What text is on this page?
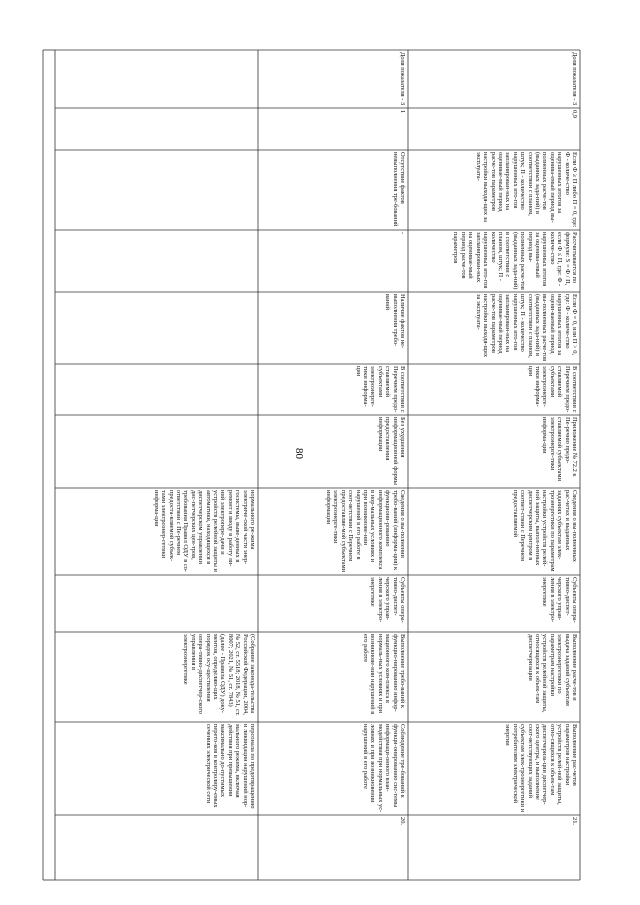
80
персонала по предотвращению и ликвидации нарушений нор-мального режима, включая действия при превышении максимально до-пустимых перето-ков в контролиру-емых сечениях электрической сети
(Собрание законода-тельства Российской Федерации, 2004, № 52, ст. 5518; 2018, № 51, ст. 8007; 2021, № 51, ст. 7843) (далее - Правила ОДУ) доку-ментов, определяю-щих порядок осу-ществления опера-тивно-диспетчер-ского управления в электроэнергетике
нормального ре-жима электриче-ской части энер-госистемы, выве-денных в ремонт и вводу в работу ли-ний электропере-дачи и устройств релейной защиты и автоматики, находящихся в диспетчерском управлении дис-петчерских цен-тров, требования Правил ОДУ в со-ответствии с Пе-речнем предоста-вляемой субъек-тами электроэнер-гетики информа-ции
20.
Соблюдение тре-бований к функци-онированию сис-темы информаци-онного взаи-модействия при нормальных ус-ловиях и при возникновении нарушений в его работе
Выполнение требо-ваний к функцио-нированию инфор-мационного ком-плекса в нормаль-ных условиях и при возникнове-нии нарушений в его работе
Субъекты опера-тивно-диспет-черского управ-ления в электро-энергетике
Сведения о вы-полнении требо-ваний (информа-ция) к функциони-рованию информационного комплекса в нор-мальных условиях и при возникнове-нии нарушений в его работе в соот-ветствии с Перечнем предоставляе-мой субъектами электроэнерге-тики информации
Без ухудшения информационной формы предоставления информации
В соответствии с Перечнем предо-ставляемой субъектами электроэнерге-тики информа-ции
Наличие фактов не-выполнения требо-ваний
-
Отсутствие фактов невыполнения тре-бований
1
Доля показателя - 3
21.
Выполнение рас-четов параметров настройки устройств релей-ной защиты, отно-сящихся к объек-там диспетчериза-ции диспетчер-ского центра, и выполнение соот-ветствующих заданий субъектам элек-троэнергетики и потребителям электрической энергии
Выполнение расче-тов и выдача заданий субъектам электроэнергетики по параметрам настройки устройств релейной защиты, относящихся к объек-там диспетчеризации
Субъекты опера-тивно-диспет-черского управ-ления в электро-энергетике
Сведения о вы-полненных рас-четах и выданных заданиях субъектам элек-троэнергетики по параметрам настройки устройств релей-ной защиты, выпол-ненных диспетчерским центром в соответ-ствии с Перечнем предоставляемой
Приложение № 72.2 к Пе-речню предо-ставляемой субъектами электроэнерге-тики информа-ции
В соответствии с Перечнем предо-ставляемой субъектами электроэнерге-тики информа-ции
Если Ф = 0, или П > 0, где: Ф - количе-ство нарушенных итогов за оцени-ваемый период вы-полненных расче-тов (выданных зада-ний) в соответствии с планом, штук; П - количество нарушенных ито-гов запланирован-ных на оценивае-мый период расче-тов параметров настройки выходя-щих за эксплуата-
Рассчитывается по формуле: S = Ф / П, если Ф ≤ П, где: Ф - количе-ство нарушенных итогов за оценива-емый период вы-полненных расче-тов (выданных зада-ний) в соответствии с планом, штук; П - количество нарушенных ито-гов запланирован-ных на оценивае-мый период расче-тов параметров
Если Ф ≥ П либо П = 0, где: Ф - количе-ство нарушенных итогов за оценива-емый период вы-полненных расче-тов (выданных зада-ний) в соответствии с планом, штук; П - количество нарушенных ито-гов запланирован-ных на оценивае-мый период расче-тов параметров настройки выходя-щих за эксплуата-
0,9
Доля показателя - 3
